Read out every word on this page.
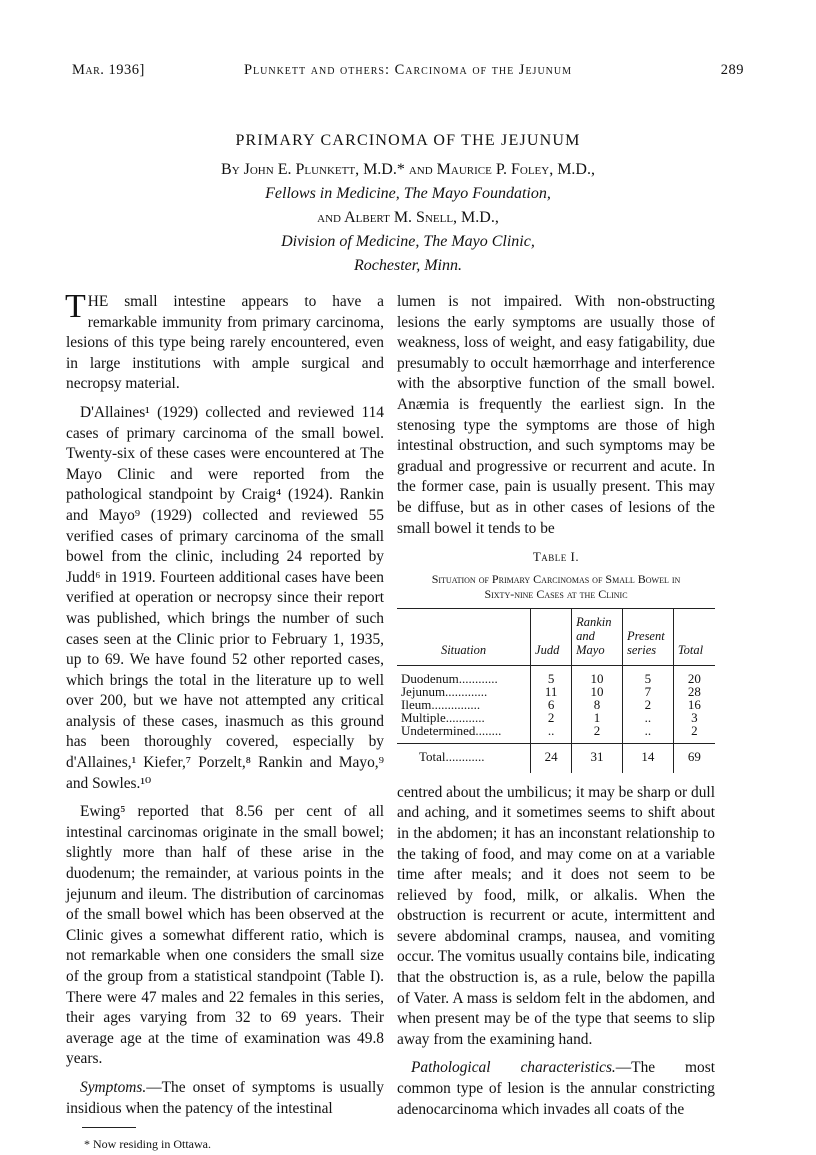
Mar. 1936]	Plunkett and others: Carcinoma of the Jejunum	289
PRIMARY CARCINOMA OF THE JEJUNUM
By John E. Plunkett, M.D.* and Maurice P. Foley, M.D.,
Fellows in Medicine, The Mayo Foundation,
and Albert M. Snell, M.D.,
Division of Medicine, The Mayo Clinic,
Rochester, Minn.

THE small intestine appears to have a remarkable immunity from primary carcinoma, lesions of this type being rarely encountered, even in large institutions with ample surgical and necropsy material.

D'Allaines¹ (1929) collected and reviewed 114 cases of primary carcinoma of the small bowel. Twenty-six of these cases were encountered at The Mayo Clinic and were reported from the pathological standpoint by Craig⁴ (1924). Rankin and Mayo⁹ (1929) collected and reviewed 55 verified cases of primary carcinoma of the small bowel from the clinic, including 24 reported by Judd⁶ in 1919. Fourteen additional cases have been verified at operation or necropsy since their report was published, which brings the number of such cases seen at the Clinic prior to February 1, 1935, up to 69. We have found 52 other reported cases, which brings the total in the literature up to well over 200, but we have not attempted any critical analysis of these cases, inasmuch as this ground has been thoroughly covered, especially by d'Allaines,¹ Kiefer,⁷ Porzelt,⁸ Rankin and Mayo,⁹ and Sowles.¹⁰

Ewing⁵ reported that 8.56 per cent of all intestinal carcinomas originate in the small bowel; slightly more than half of these arise in the duodenum; the remainder, at various points in the jejunum and ileum. The distribution of carcinomas of the small bowel which has been observed at the Clinic gives a somewhat different ratio, which is not remarkable when one considers the small size of the group from a statistical standpoint (Table I). There were 47 males and 22 females in this series, their ages varying from 32 to 69 years. Their average age at the time of examination was 49.8 years.

Symptoms.—The onset of symptoms is usually insidious when the patency of the intestinal

* Now residing in Ottawa.

lumen is not impaired. With non-obstructing lesions the early symptoms are usually those of weakness, loss of weight, and easy fatigability, due presumably to occult hæmorrhage and interference with the absorptive function of the small bowel. Anæmia is frequently the earliest sign. In the stenosing type the symptoms are those of high intestinal obstruction, and such symptoms may be gradual and progressive or recurrent and acute. In the former case, pain is usually present. This may be diffuse, but as in other cases of lesions of the small bowel it tends to be

Table I.
Situation of Primary Carcinomas of Small Bowel in
Sixty-nine Cases at the Clinic
Situation	Judd	Rankin and Mayo	Present series	Total
Duodenum............	5	10	5	20
Jejunum.............	11	10	7	28
Ileum...............	6	8	2	16
Multiple............	2	1	..	3
Undetermined........	..	2	..	2
Total............	24	31	14	69

centred about the umbilicus; it may be sharp or dull and aching, and it sometimes seems to shift about in the abdomen; it has an inconstant relationship to the taking of food, and may come on at a variable time after meals; and it does not seem to be relieved by food, milk, or alkalis. When the obstruction is recurrent or acute, intermittent and severe abdominal cramps, nausea, and vomiting occur. The vomitus usually contains bile, indicating that the obstruction is, as a rule, below the papilla of Vater. A mass is seldom felt in the abdomen, and when present may be of the type that seems to slip away from the examining hand.

Pathological characteristics.—The most common type of lesion is the annular constricting adenocarcinoma which invades all coats of the
